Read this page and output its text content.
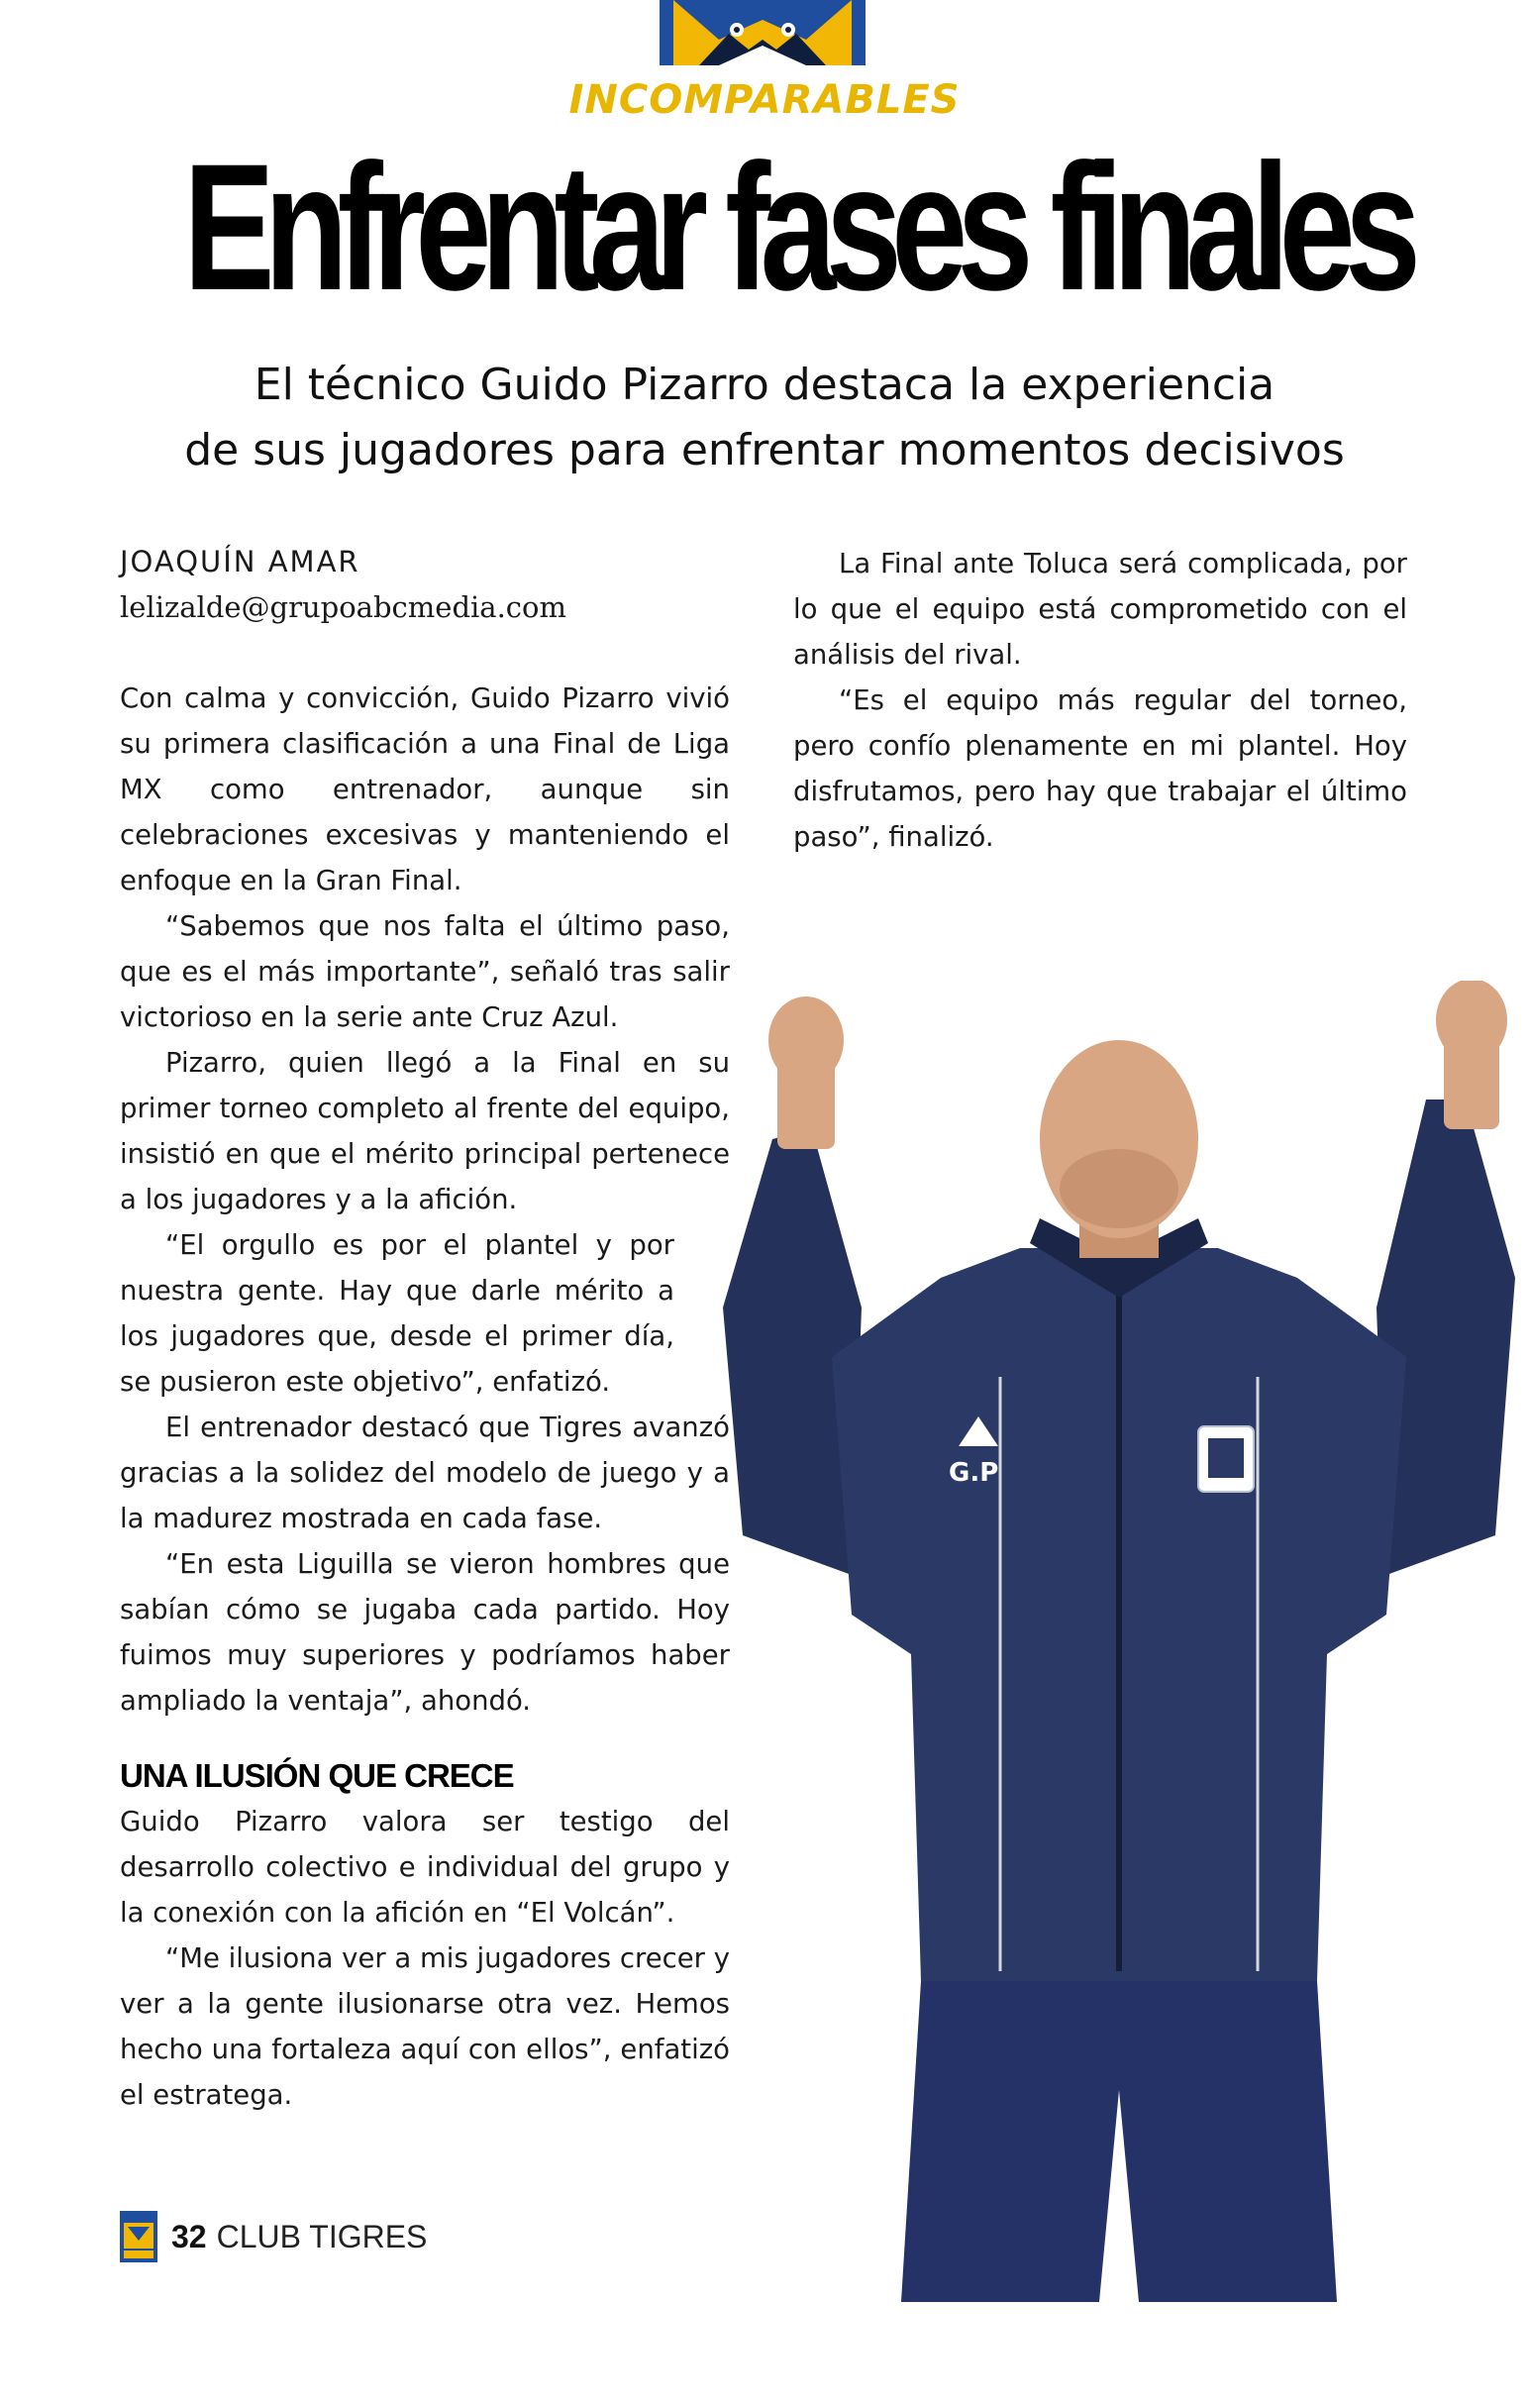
INCOMPARABLES
Enfrentar fases finales
El técnico Guido Pizarro destaca la experiencia
de sus jugadores para enfrentar momentos decisivos
JOAQUÍN AMAR
lelizalde@grupoabcmedia.com

Con calma y convicción, Guido Pizarro vivió su primera clasificación a una Final de Liga MX como entrenador, aunque sin celebraciones excesivas y manteniendo el enfoque en la Gran Final.

“Sabemos que nos falta el último paso, que es el más importante”, señaló tras salir victorioso en la serie ante Cruz Azul.

Pizarro, quien llegó a la Final en su primer torneo completo al frente del equipo, insistió en que el mérito principal pertenece a los jugadores y a la afición.

“El orgullo es por el plantel y por nuestra gente. Hay que darle mérito a los jugadores que, desde el primer día, se pusieron este objetivo”, enfatizó.

El entrenador destacó que Tigres avanzó gracias a la solidez del modelo de juego y a la madurez mostrada en cada fase.

“En esta Liguilla se vieron hombres que sabían cómo se jugaba cada partido. Hoy fuimos muy superiores y podríamos haber ampliado la ventaja”, ahondó.

UNA ILUSIÓN QUE CRECE

Guido Pizarro valora ser testigo del desarrollo colectivo e individual del grupo y la conexión con la afición en “El Volcán”.

“Me ilusiona ver a mis jugadores crecer y ver a la gente ilusionarse otra vez. Hemos hecho una fortaleza aquí con ellos”, enfatizó el estratega.

La Final ante Toluca será complicada, por lo que el equipo está comprometido con el análisis del rival.

“Es el equipo más regular del torneo, pero confío plenamente en mi plantel. Hoy disfrutamos, pero hay que trabajar el último paso”, finalizó.

G.P
32 CLUB TIGRES
